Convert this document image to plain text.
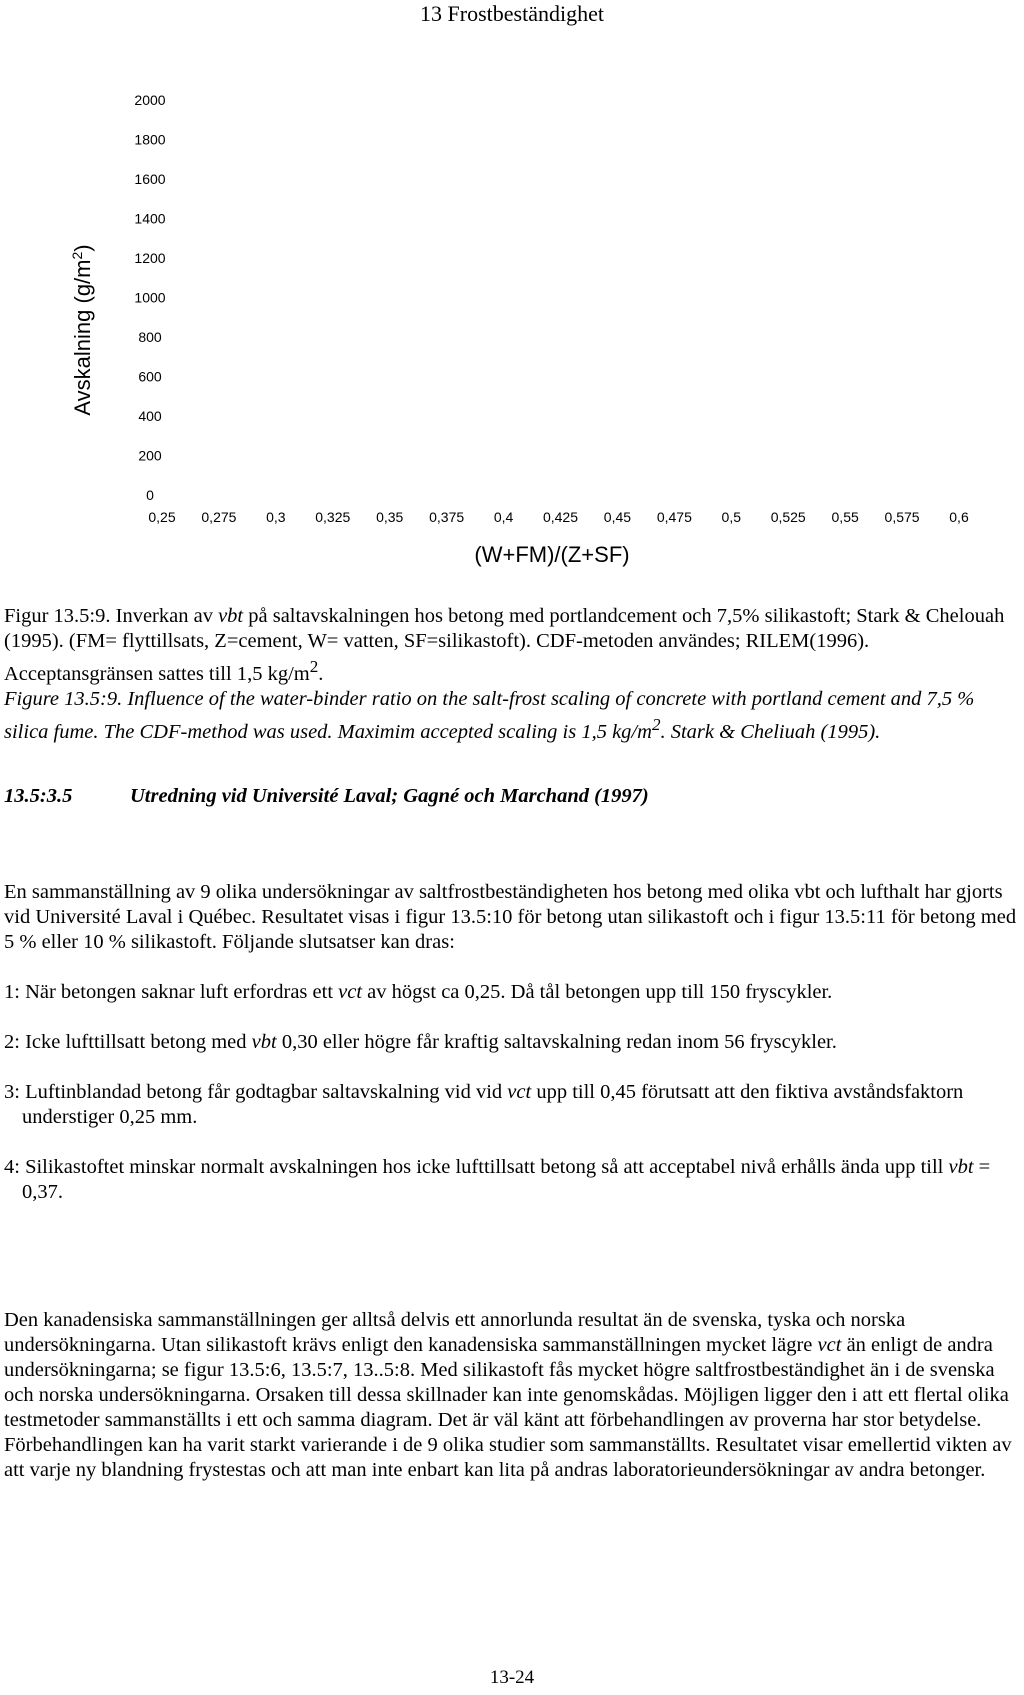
13 Frostbeständighet
2000
1800
1600
1400
1200
1000
800
600
400
200
0
0,25 0,275 0,3 0,325 0,35 0,375 0,4 0,425 0,45 0,475 0,5 0,525 0,55 0,575 0,6
Avskalning $(g/m^2)$
(W+FM)/(Z+SF)

Figur 13.5:9. Inverkan av vbt på saltavskalningen hos betong med portlandcement och 7,5% silikastoft; Stark & Chelouah (1995). (FM= flyttillsats, Z=cement, W= vatten, SF=silikastoft). CDF-metoden användes; RILEM(1996). Acceptansgränsen sattes till 1,5 $kg/m^2$.

Figure 13.5:9. Influence of the water-binder ratio on the salt-frost scaling of concrete with portland cement and 7,5 % silica fume. The CDF-method was used. Maximim accepted scaling is 1,5 $kg/m^2$. Stark & Cheliuah (1995).

13.5:3.5	Utredning vid Université Laval; Gagné och Marchand (1997)

En sammanställning av 9 olika undersökningar av saltfrostbeständigheten hos betong med olika vbt och lufthalt har gjorts vid Université Laval i Québec. Resultatet visas i figur 13.5:10 för betong utan silikastoft och i figur 13.5:11 för betong med 5 % eller 10 % silikastoft. Följande slutsatser kan dras:

1: När betongen saknar luft erfordras ett vct av högst ca 0,25. Då tål betongen upp till 150 fryscykler.

2: Icke lufttillsatt betong med vbt 0,30 eller högre får kraftig saltavskalning redan inom 56 fryscykler.

3: Luftinblandad betong får godtagbar saltavskalning vid vid vct upp till 0,45 förutsatt att den fiktiva avståndsfaktorn understiger 0,25 mm.

4: Silikastoftet minskar normalt avskalningen hos icke lufttillsatt betong så att acceptabel nivå erhålls ända upp till vbt = 0,37.

Den kanadensiska sammanställningen ger alltså delvis ett annorlunda resultat än de svenska, tyska och norska undersökningarna. Utan silikastoft krävs enligt den kanadensiska sammanställningen mycket lägre vct än enligt de andra undersökningarna; se figur 13.5:6, 13.5:7, 13..5:8. Med silikastoft fås mycket högre saltfrostbeständighet än i de svenska och norska undersökningarna. Orsaken till dessa skillnader kan inte genomskådas. Möjligen ligger den i att ett flertal olika testmetoder sammanställts i ett och samma diagram. Det är väl känt att förbehandlingen av proverna har stor betydelse. Förbehandlingen kan ha varit starkt varierande i de 9 olika studier som sammanställts. Resultatet visar emellertid vikten av att varje ny blandning frystestas och att man inte enbart kan lita på andras laboratorieundersökningar av andra betonger.
13-24
